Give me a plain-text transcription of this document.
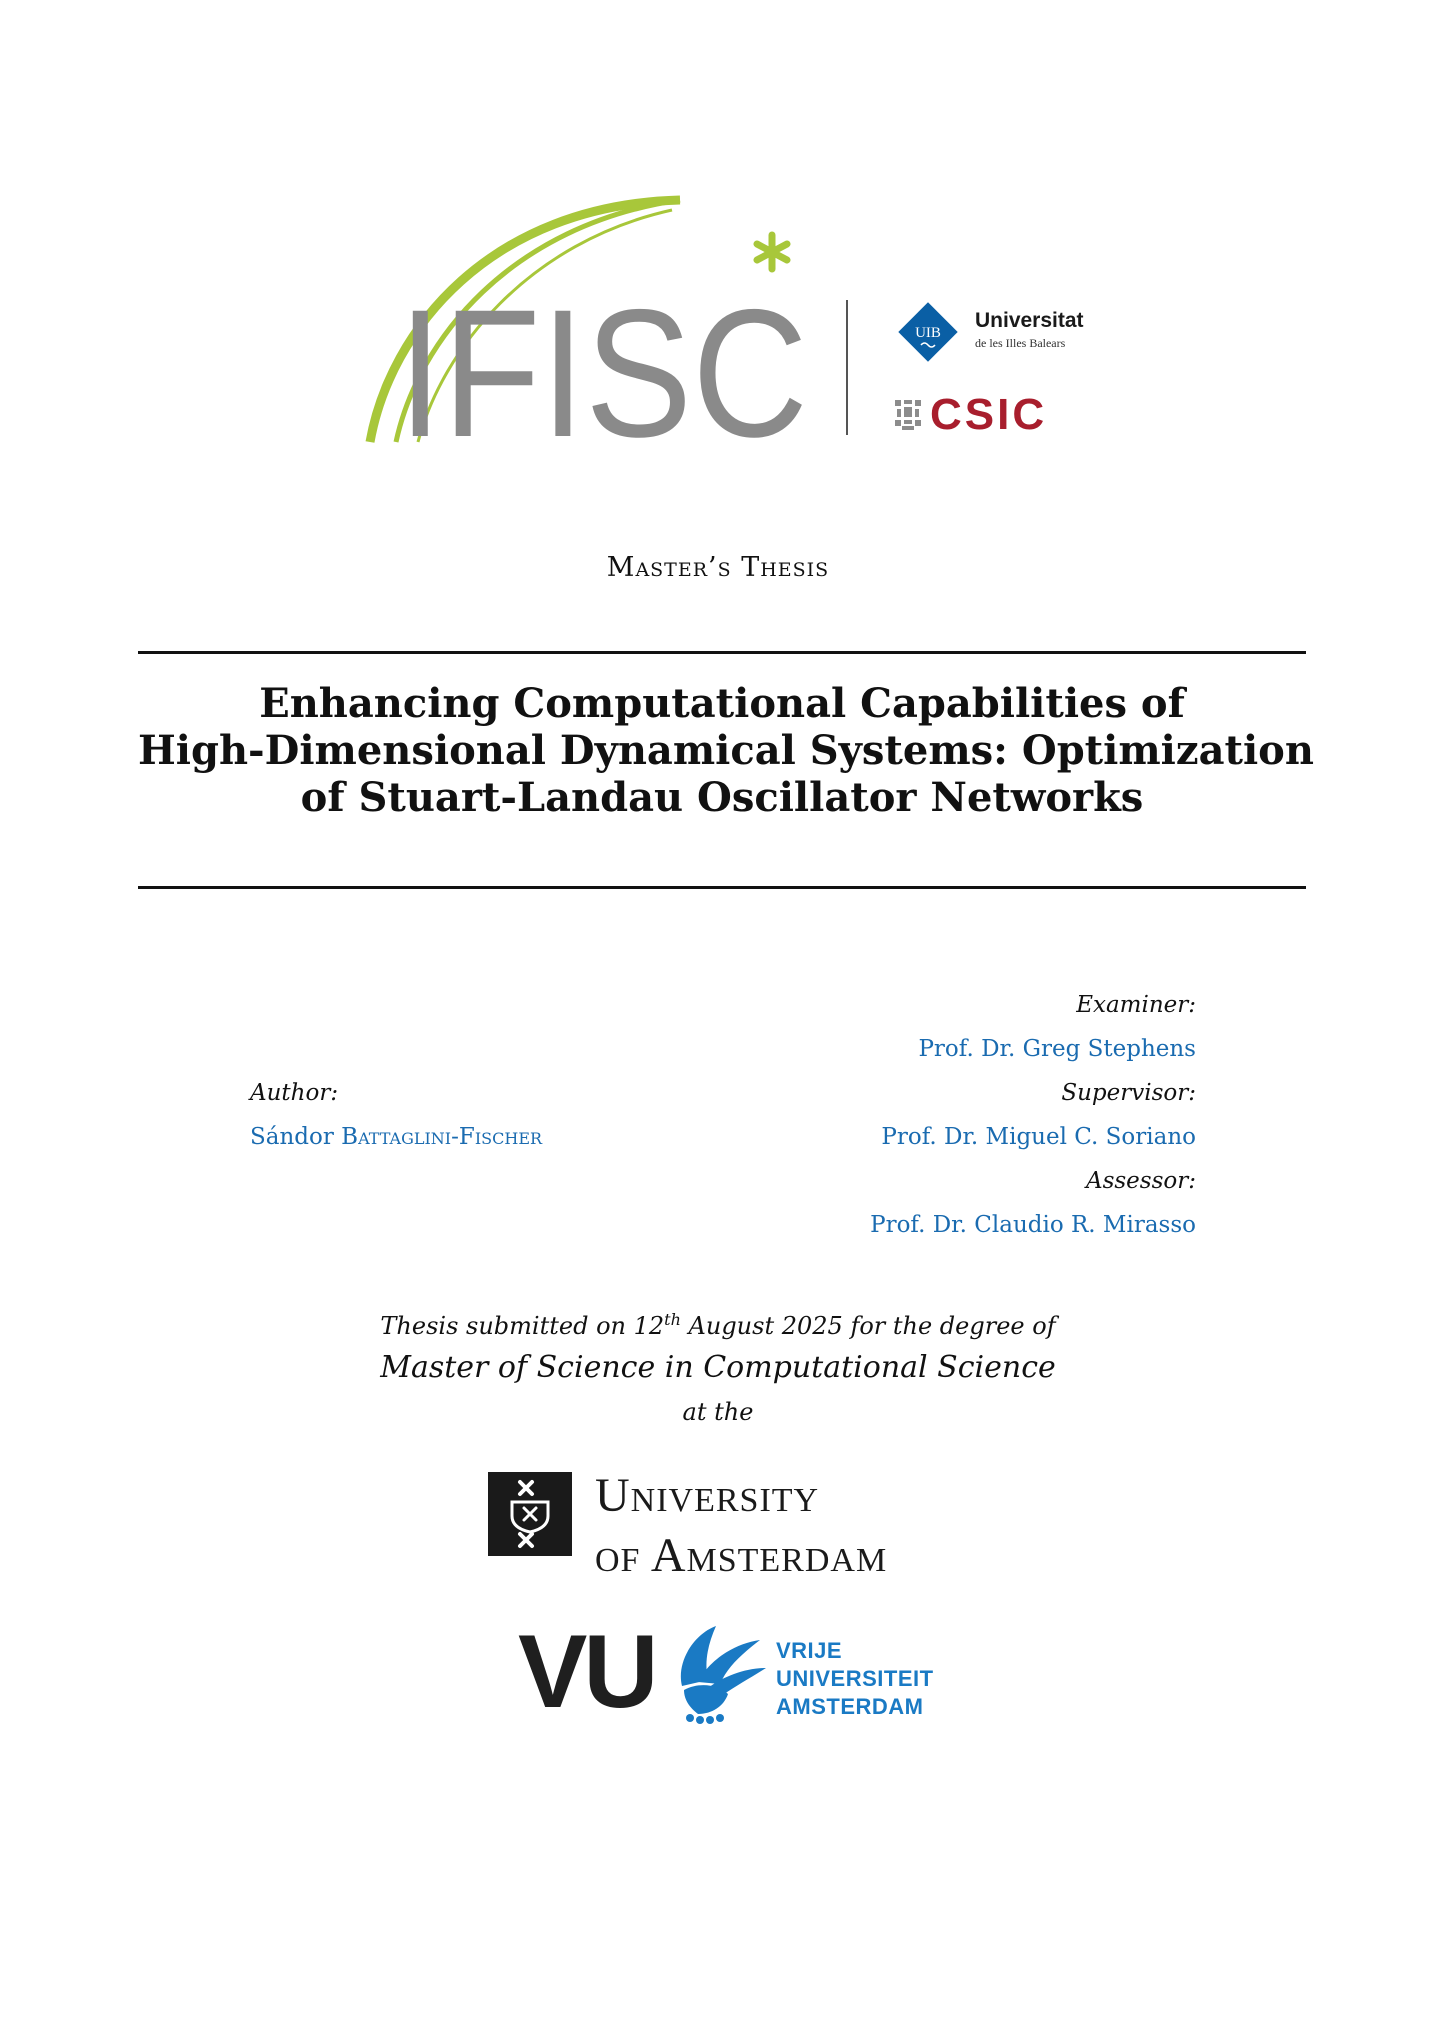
IFISC	UIB
Universitat
de les Illes Balears
CSIC
Master’s Thesis
Enhancing Computational Capabilities of
High-Dimensional Dynamical Systems: Optimization
of Stuart-Landau Oscillator Networks
Author:
Sándor Battaglini-Fischer
Examiner:
Prof. Dr. Greg Stephens
Supervisor:
Prof. Dr. Miguel C. Soriano
Assessor:
Prof. Dr. Claudio R. Mirasso
Thesis submitted on 12th August 2025 for the degree of
Master of Science in Computational Science
at the
University
of Amsterdam
VU	VRIJE
UNIVERSITEIT
AMSTERDAM
